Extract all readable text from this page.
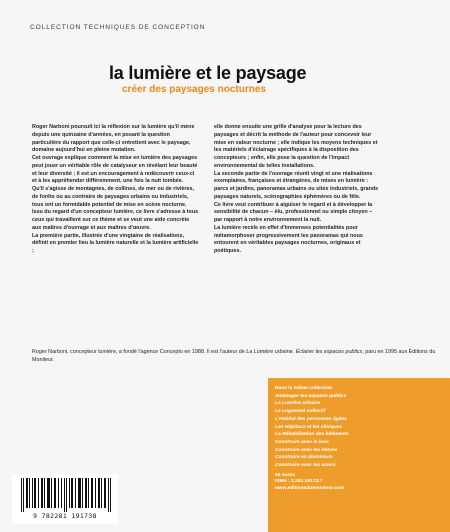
COLLECTION TECHNIQUES DE CONCEPTION
la lumière et le paysage
créer des paysages nocturnes

Roger Narboni poursuit ici la réflexion sur la lumière qu'il mène depuis une quinzaine d'années, en posant la question particulière du rapport que celle-ci entretient avec le paysage, domaine aujourd'hui en pleine mutation.

Cet ouvrage explique comment la mise en lumière des paysages peut jouer un véritable rôle de catalyseur en révélant leur beauté et leur diversité ; il est un encouragement à redécouvrir ceux-ci et à les appréhender différemment, une fois la nuit tombée.

Qu'il s'agisse de montagnes, de collines, de mer ou de rivières, de forêts ou au contraire de paysages urbains ou industriels, tous ont un formidable potentiel de mise en scène nocturne.

Issu du regard d'un concepteur lumière, ce livre s'adresse à tous ceux qui travaillent sur ce thème et se veut une aide concrète aux maîtres d'ouvrage et aux maîtres d'œuvre.

La première partie, illustrée d'une vingtaine de réalisations, définit en premier lieu la lumière naturelle et la lumière artificielle ;

elle donne ensuite une grille d'analyse pour la lecture des paysages et décrit la méthode de l'auteur pour concevoir leur mise en valeur nocturne ; elle indique les moyens techniques et les matériels d'éclairage spécifiques à la disposition des concepteurs ; enfin, elle pose la question de l'impact environnemental de telles installations.

La seconde partie de l'ouvrage réunit vingt et une réalisations exemplaires, françaises et étrangères, de mises en lumière : parcs et jardins, panoramas urbains ou sites industriels, grands paysages naturels, scénographies éphémères ou de fête.

Ce livre veut contribuer à aiguiser le regard et à développer la sensibilité de chacun – élu, professionnel ou simple citoyen – par rapport à notre environnement la nuit.

La lumière recèle en effet d'immenses potentialités pour métamorphoser progressivement les panoramas qui nous entourent en véritables paysages nocturnes, originaux et poétiques.

Roger Narboni, concepteur lumière, a fondé l'agence Concepto en 1988. Il est l'auteur de La Lumière urbaine. Éclairer les espaces publics, paru en 1995 aux Éditions du Moniteur.

Dans la même collection
Aménager les espaces publics
La Lumière urbaine
Le Logement collectif
L'Habitat des personnes âgées
Les Hôpitaux et les cliniques
La Réhabilitation des bâtiments
Construire avec le bois
Construire avec les bétons
Construire en aluminium
Construire avec les aciers
65 euros
ISBN : 2.281.19173.7
www.editionsdumoniteur.com
9 782281 191738
